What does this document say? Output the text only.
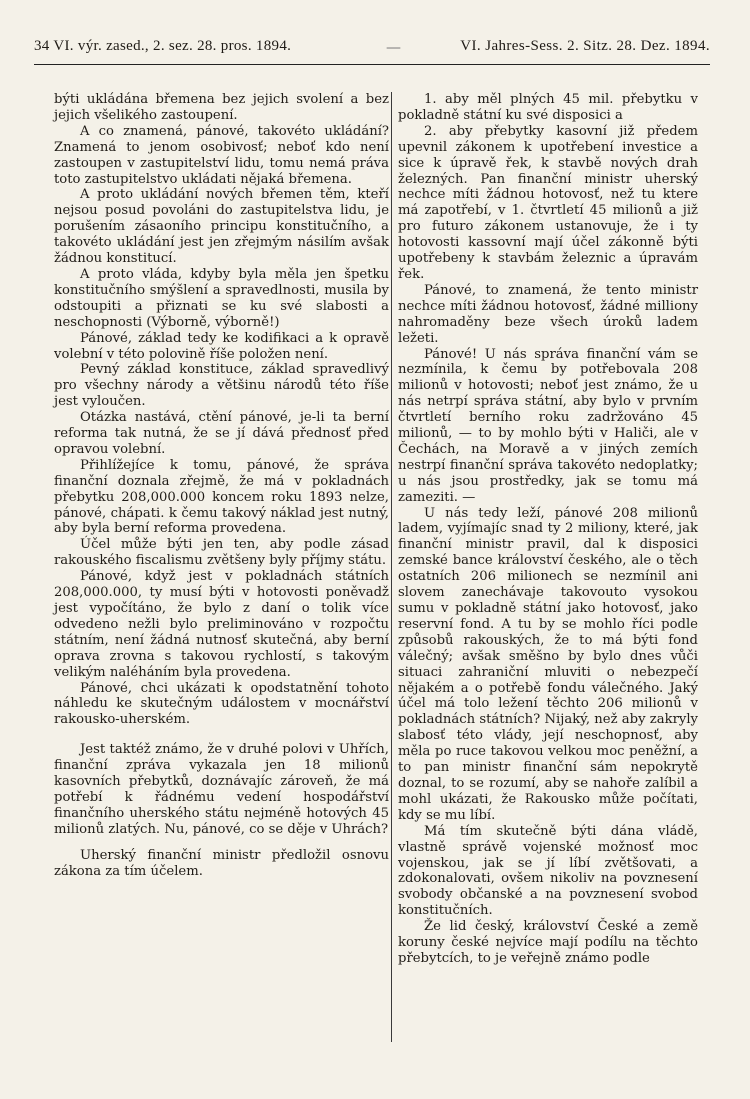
34 VI. výr. zased., 2. sez. 28. pros. 1894.	—	VI. Jahres-Sess. 2. Sitz. 28. Dez. 1894.

býti ukládána břemena bez jejich svolení a bez jejich všelikého zastoupení.

A co znamená, pánové, takovéto ukládání? Znamená to jenom osobivosť; neboť kdo není zastoupen v zastupitelství lidu, tomu nemá práva toto zastupitelstvo ukládati nějaká břemena.

A proto ukládání nových břemen těm, kteří nejsou posud povoláni do zastupitelstva lidu, je porušením zásaoního principu konstitučního, a takovéto ukládání jest jen zřejmým násilím avšak žádnou konstitucí.

A proto vláda, kdyby byla měla jen špetku konstitučního smýšlení a spravedlnosti, musila by odstoupiti a přiznati se ku své slabosti a neschopnosti (Výborně, výborně!)

Pánové, základ tedy ke kodifikaci a k opravě volební v této polovině říše položen není.

Pevný základ konstituce, základ spravedlivý pro všechny národy a většinu národů této říše jest vyloučen.

Otázka nastává, ctění pánové, je-li ta berní reforma tak nutná, že se jí dává přednosť před opravou volební.

Přihlížejíce k tomu, pánové, že správa finanční doznala zřejmě, že má v pokladnách přebytku 208,000.000 koncem roku 1893 nelze, pánové, chápati. k čemu takový náklad jest nutný, aby byla berní reforma provedena.

Účel může býti jen ten, aby podle zásad rakouského fiscalismu zvětšeny byly příjmy státu.

Pánové, když jest v pokladnách státních 208,000.000, ty musí býti v hotovosti poněvadž jest vypočítáno, že bylo z daní o tolik více odvedeno nežli bylo preliminováno v rozpočtu státním, není žádná nutnosť skutečná, aby berní oprava zrovna s takovou rychlostí, s takovým velikým naléháním byla provedena.

Pánové, chci ukázati k opodstatnění tohoto náhledu ke skutečným událostem v mocnářství rakousko-uherském.

Jest taktéž známo, že v druhé polovi v Uhřích, finanční zpráva vykazala jen 18 milionů kasovních přebytků, doznávajíc zároveň, že má potřebí k řádnému vedení hospodářství finančního uherského státu nejméně hotových 45 milionů zlatých. Nu, pánové, co se děje v Uhrách?

Uherský finanční ministr předložil osnovu zákona za tím účelem.

1. aby měl plných 45 mil. přebytku v pokladně státní ku své disposici a

2. aby přebytky kasovní již předem upevnil zákonem k upotřebení investice a sice k úpravě řek, k stavbě nových drah železných. Pan finanční ministr uherský nechce míti žádnou hotovosť, než tu ktere má zapotřebí, v 1. čtvrtletí 45 milionů a již pro futuro zákonem ustanovuje, že i ty hotovosti kassovní mají účel zákonně býti upotřebeny k stavbám železnic a úpravám řek.

Pánové, to znamená, že tento ministr nechce míti žádnou hotovosť, žádné milliony nahromaděny beze všech úroků ladem ležeti.

Pánové! U nás správa finanční vám se nezmínila, k čemu by potřebovala 208 milionů v hotovosti; neboť jest známo, že u nás netrpí správa státní, aby bylo v prvním čtvrtletí berního roku zadržováno 45 milionů, — to by mohlo býti v Haliči, ale v Čechách, na Moravě a v jiných zemích nestrpí finanční správa takovéto nedoplatky; u nás jsou prostředky, jak se tomu má zameziti. —

U nás tedy leží, pánové 208 milionů ladem, vyjímajíc snad ty 2 miliony, které, jak finanční ministr pravil, dal k disposici zemské bance království českého, ale o těch ostatních 206 milionech se nezmínil ani slovem zanechávaje takovouto vysokou sumu v pokladně státní jako hotovosť, jako reservní fond. A tu by se mohlo říci podle způsobů rakouských, že to má býti fond válečný; avšak směšno by bylo dnes vůči situaci zahraniční mluviti o nebezpečí nějakém a o potřebě fondu válečného. Jaký účel má tolo ležení těchto 206 milionů v pokladnách státních? Nijaký, než aby zakryly slabosť této vlády, její neschopnosť, aby měla po ruce takovou velkou moc peněžní, a to pan ministr finanční sám nepokrytě doznal, to se rozumí, aby se nahoře zalíbil a mohl ukázati, že Rakousko může počítati, kdy se mu líbí.

Má tím skutečně býti dána vládě, vlastně správě vojenské možnosť moc vojenskou, jak se jí líbí zvětšovati, a zdokonalovati, ovšem nikoliv na povznesení svobody občanské a na povznesení svobod konstitučních.

Že lid český, království České a země koruny české nejvíce mají podílu na těchto přebytcích, to je veřejně známo podle
